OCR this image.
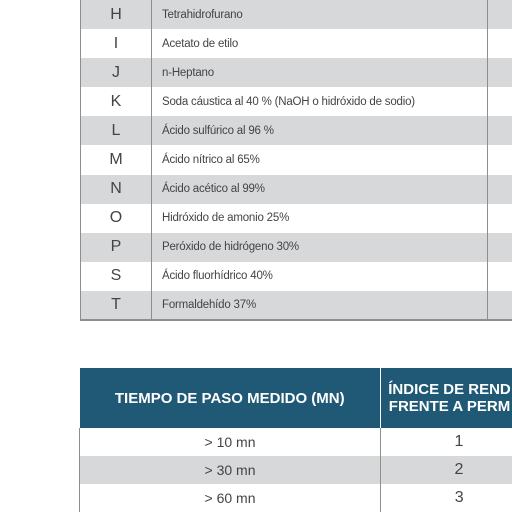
H	Tetrahidrofurano	
I	Acetato de etilo	
J	n-Heptano	
K	Soda cáustica al 40 % (NaOH o hidróxido de sodio)	
L	Ácido sulfúrico al 96 %	
M	Ácido nítrico al 65%	
N	Ácido acético al 99%	
O	Hidróxido de amonio 25%	
P	Peróxido de hidrógeno 30%	
S	Ácido fluorhídrico 40%	
T	Formaldehído 37%	
TIEMPO DE PASO MEDIDO (MN)	ÍNDICE DE REND
FRENTE A PERM
> 10 mn	1
> 30 mn	2
> 60 mn	3
